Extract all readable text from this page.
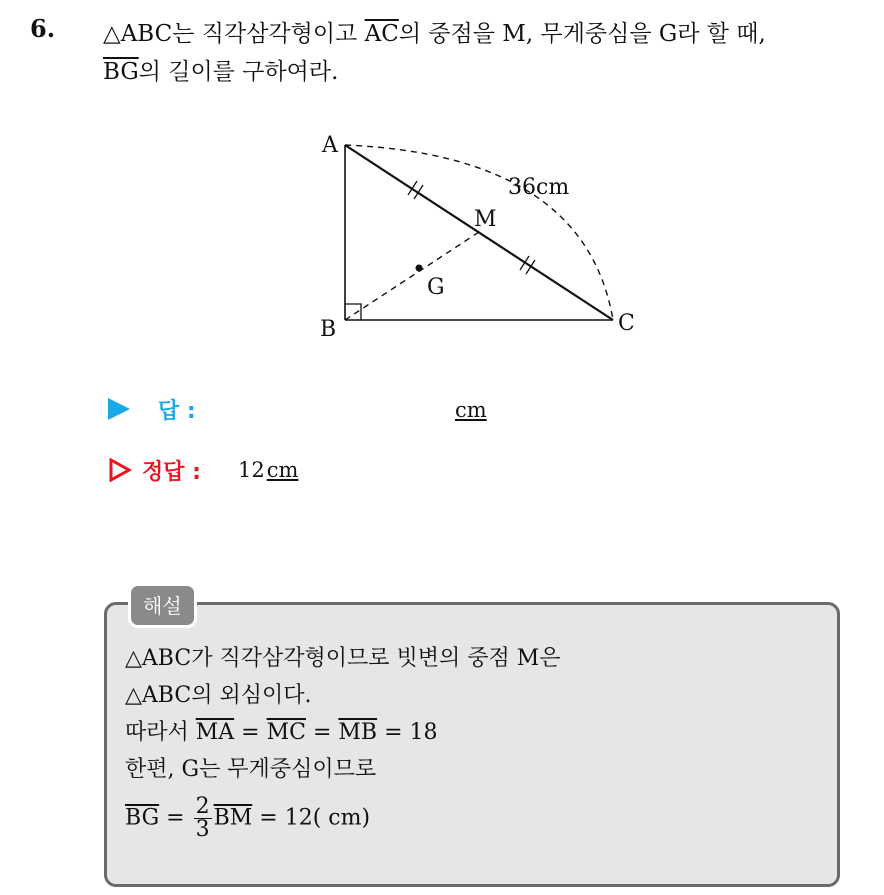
6. △ABC는 직각삼각형이고 $\overline{AC}$의 중점을 M, 무게중심을 G라 할 때,
$\overline{BG}$의 길이를 구하여라.
A
B	C
M
G
36cm
답 :	cm
정답 : 12cm
해설
△ABC가 직각삼각형이므로 빗변의 중점 M은
△ABC의 외심이다.
따라서 $\overline{MA} = \overline{MC} = \overline{MB} = 18$
한편, G는 무게중심이므로
$\overline{BG} = \frac{2}{3} \overline{BM} = 12$( cm)
